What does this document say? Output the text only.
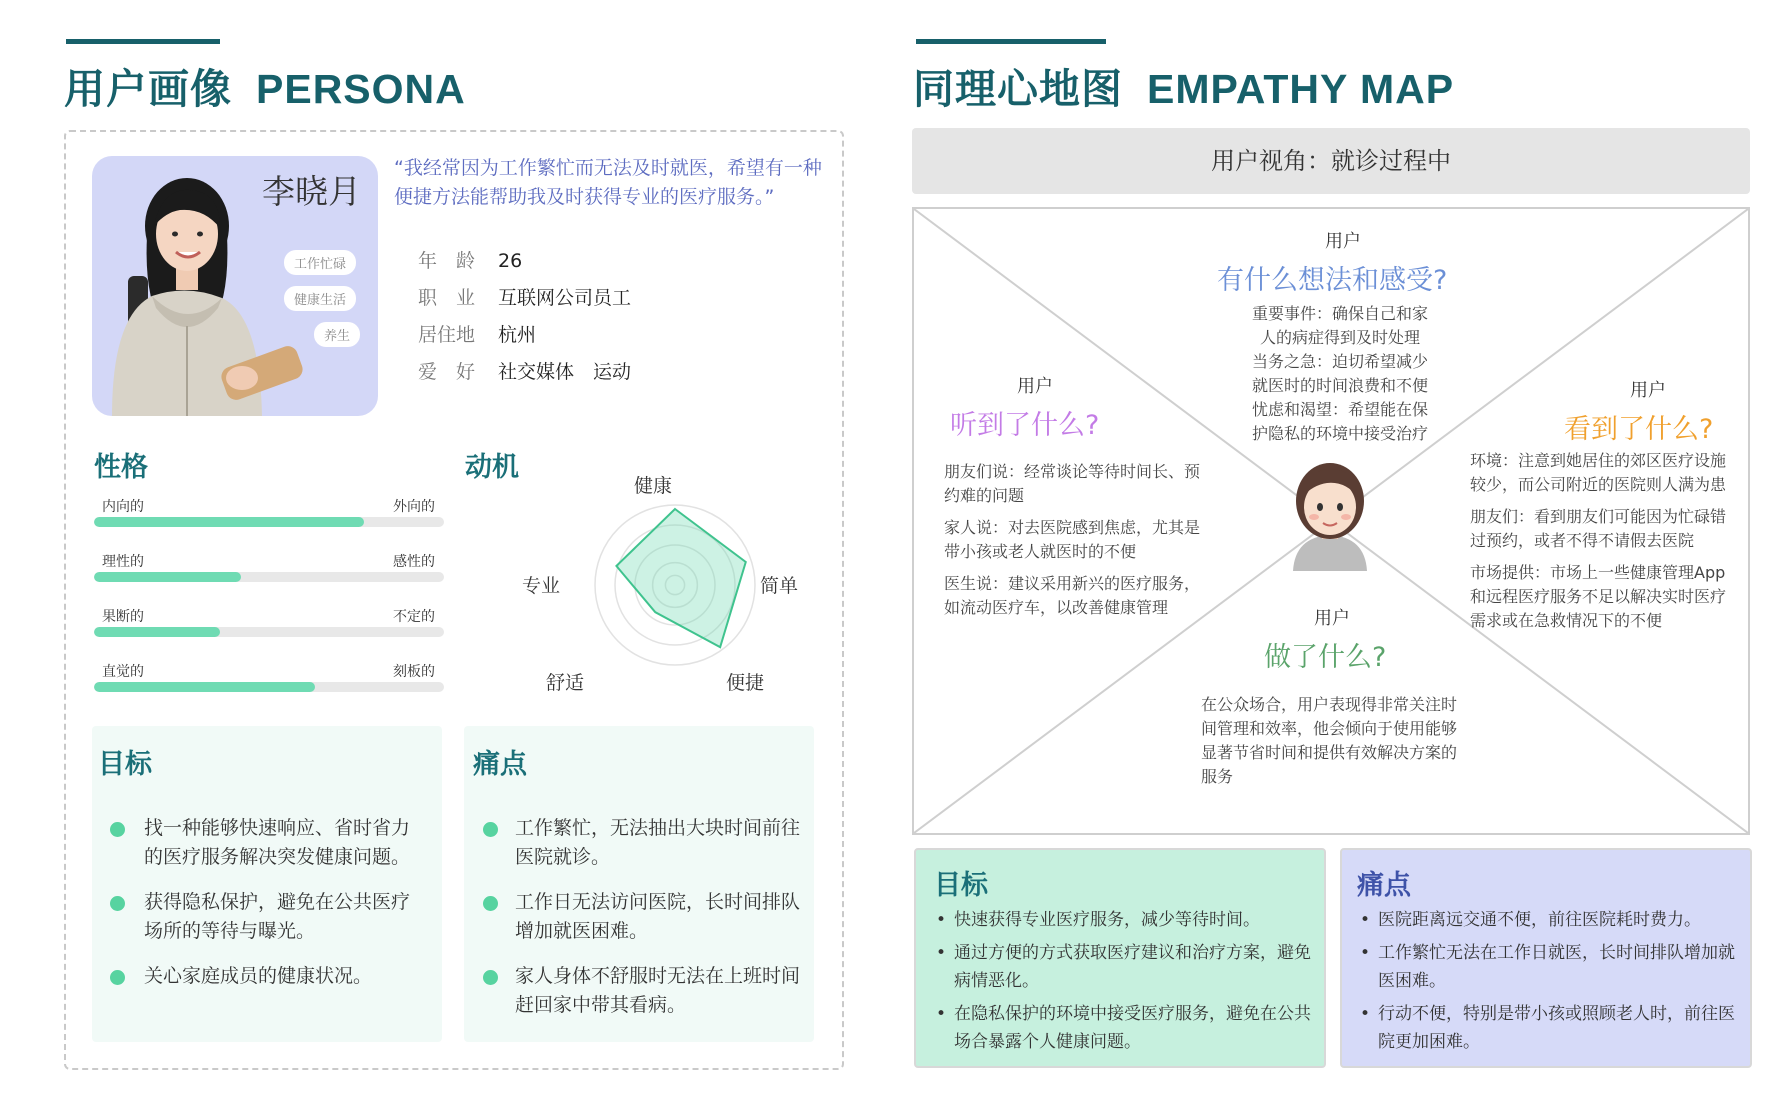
用户画像 PERSONA
李晓月
工作忙碌
健康生活
养生
“我经常因为工作繁忙而无法及时就医，希望有一种便捷方法能帮助我及时获得专业的医疗服务。”
年　龄 26
职　业 互联网公司员工
居住地 杭州
爱　好 社交媒体　运动
性格
内向的	外向的
理性的	感性的
果断的	不定的
直觉的	刻板的
动机
健康
简单
便捷
舒适
专业
目标
找一种能够快速响应、省时省力的医疗服务解决突发健康问题。
获得隐私保护，避免在公共医疗场所的等待与曝光。
关心家庭成员的健康状况。
痛点
工作繁忙，无法抽出大块时间前往医院就诊。
工作日无法访问医院，长时间排队增加就医困难。
家人身体不舒服时无法在上班时间赶回家中带其看病。
同理心地图 EMPATHY MAP
用户视角：就诊过程中
用户
有什么想法和感受?
重要事件：确保自己和家
人的病症得到及时处理
当务之急：迫切希望减少
就医时的时间浪费和不便
忧虑和渴望：希望能在保
护隐私的环境中接受治疗
用户
听到了什么?
朋友们说：经常谈论等待时间长、预
约难的问题
家人说：对去医院感到焦虑，尤其是
带小孩或老人就医时的不便
医生说：建议采用新兴的医疗服务，
如流动医疗车，以改善健康管理
用户
看到了什么?
环境：注意到她居住的郊区医疗设施
较少，而公司附近的医院则人满为患
朋友们：看到朋友们可能因为忙碌错
过预约，或者不得不请假去医院
市场提供：市场上一些健康管理App
和远程医疗服务不足以解决实时医疗
需求或在急救情况下的不便
用户
做了什么?
在公众场合，用户表现得非常关注时
间管理和效率，他会倾向于使用能够
显著节省时间和提供有效解决方案的
服务
目标
• 快速获得专业医疗服务，减少等待时间。
• 通过方便的方式获取医疗建议和治疗方案，避免病情恶化。
• 在隐私保护的环境中接受医疗服务，避免在公共场合暴露个人健康问题。
痛点
• 医院距离远交通不便，前往医院耗时费力。
• 工作繁忙无法在工作日就医，长时间排队增加就医困难。
• 行动不便，特别是带小孩或照顾老人时，前往医院更加困难。
